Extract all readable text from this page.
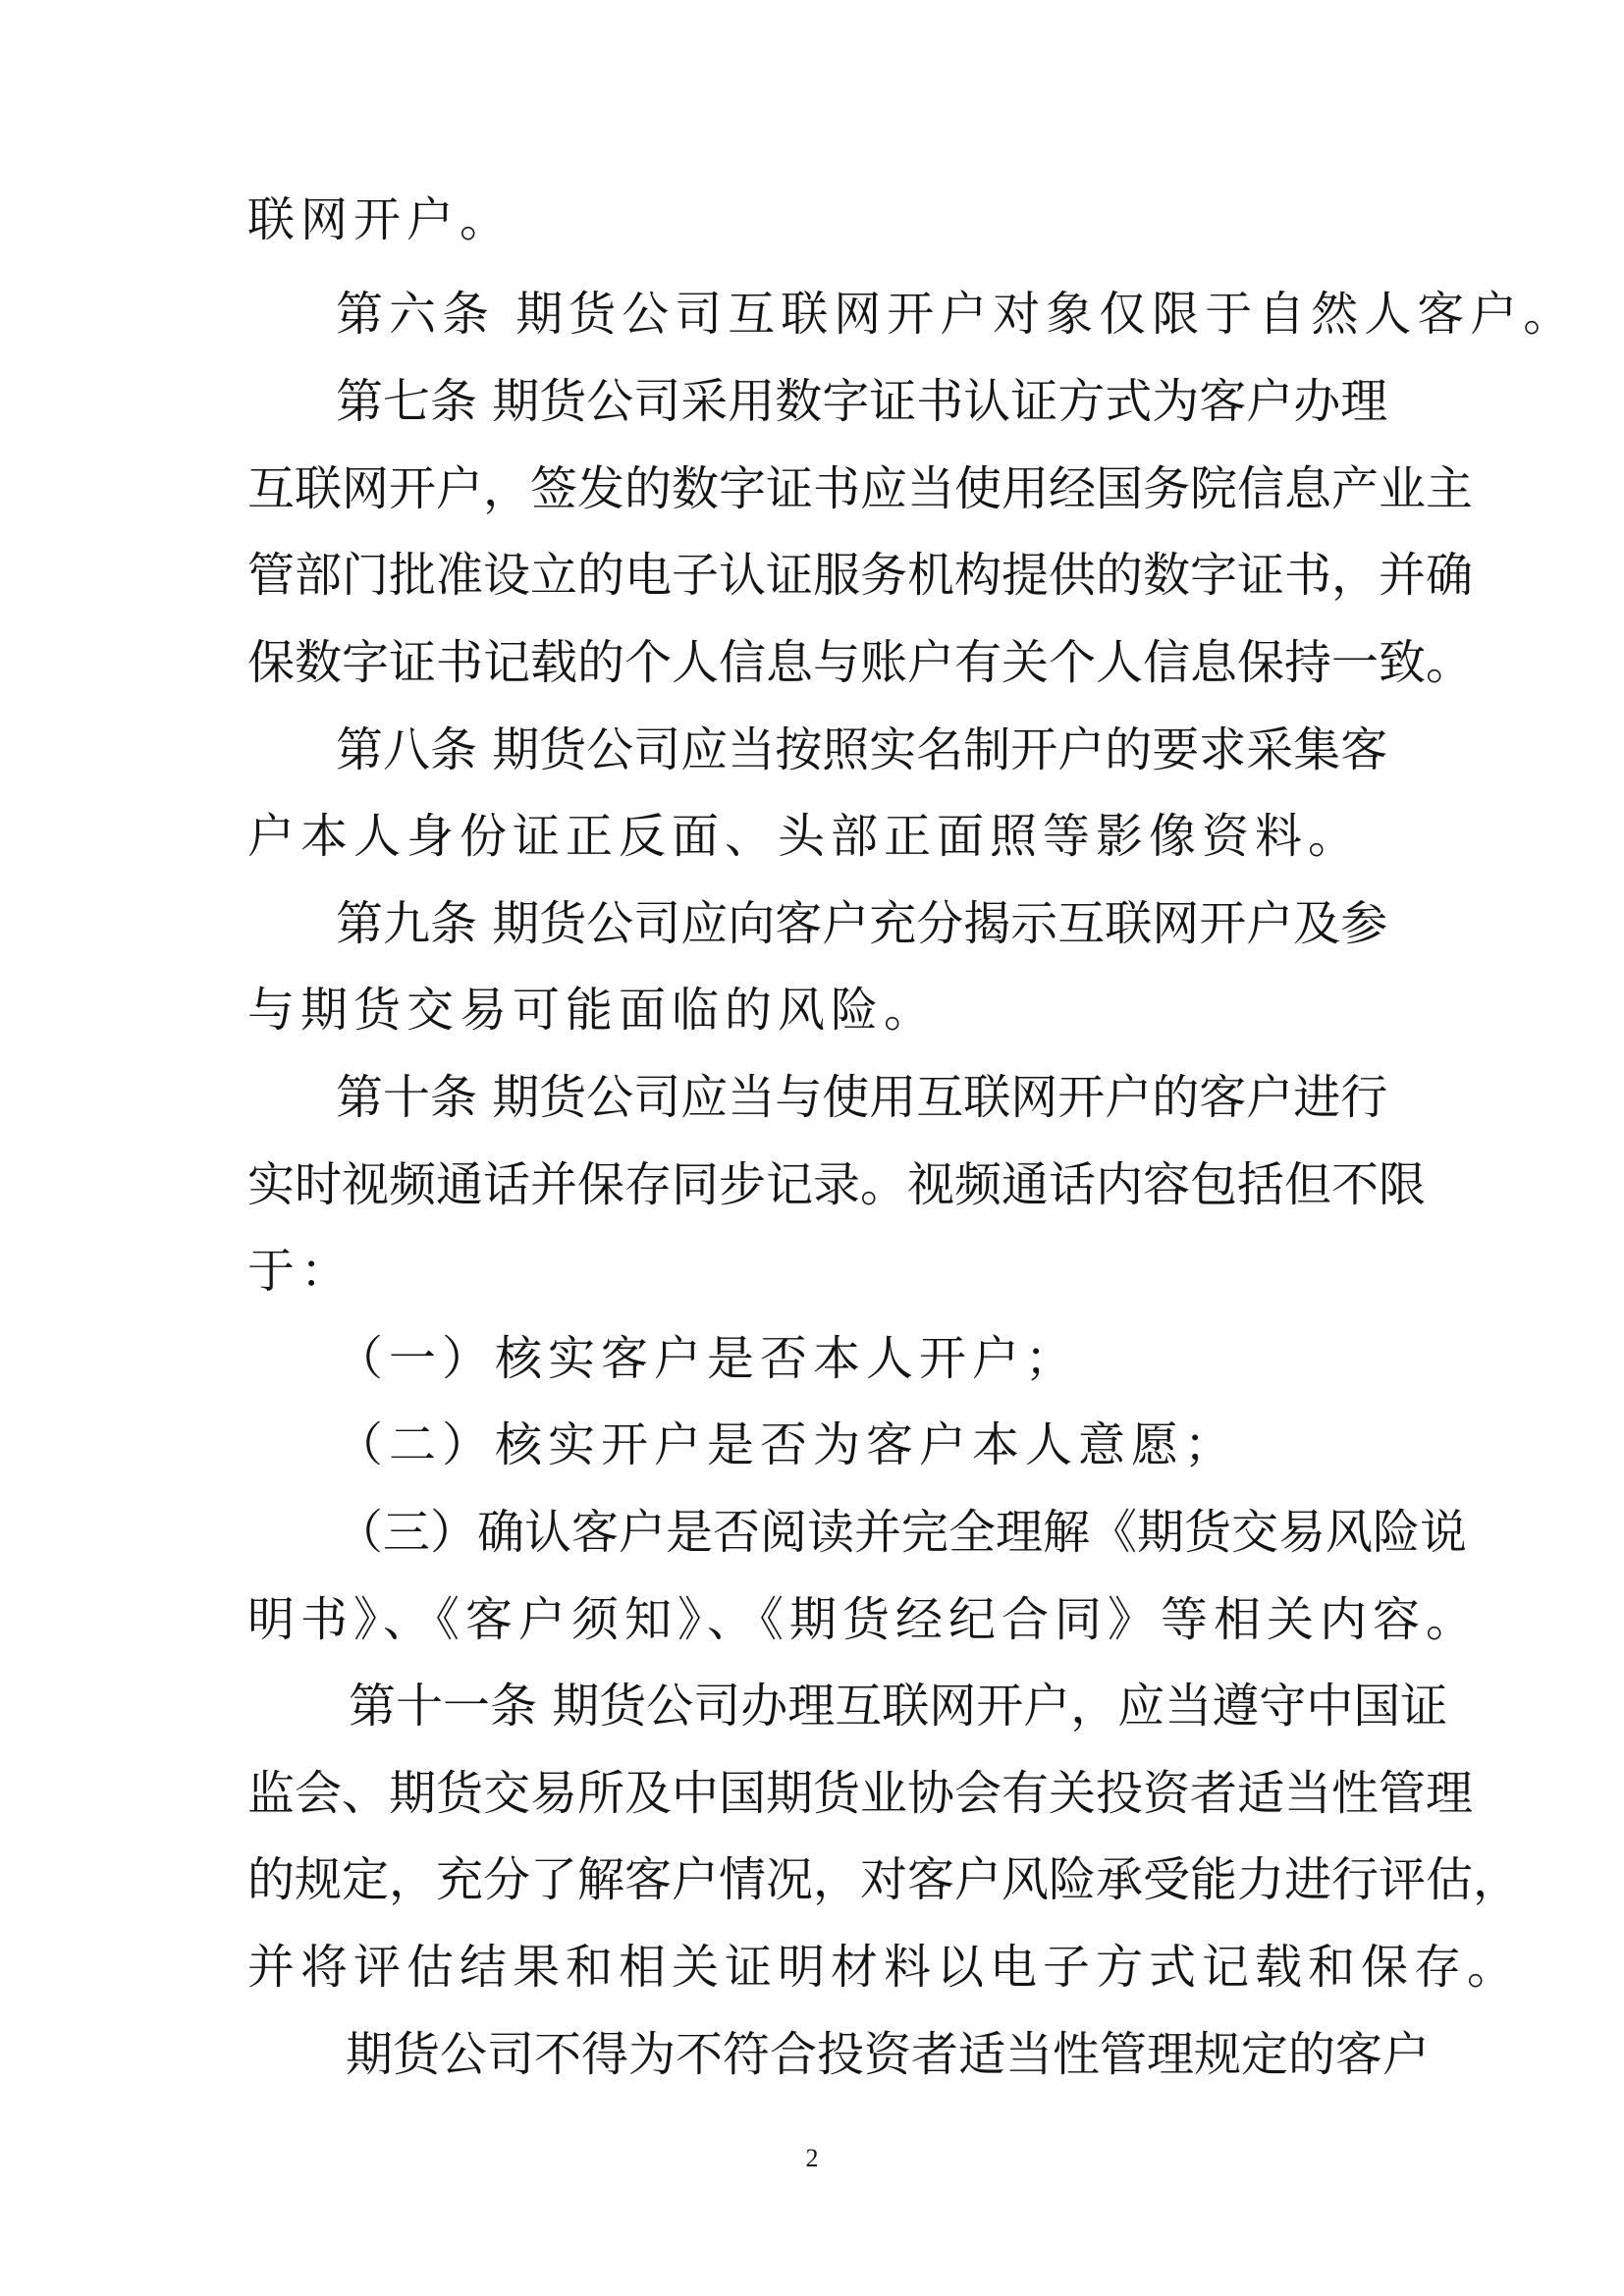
联网开户。
第六条 期货公司互联网开户对象仅限于自然人客户。
第七条 期货公司采用数字证书认证方式为客户办理
互联网开户，签发的数字证书应当使用经国务院信息产业主
管部门批准设立的电子认证服务机构提供的数字证书，并确
保数字证书记载的个人信息与账户有关个人信息保持一致。
第八条 期货公司应当按照实名制开户的要求采集客
户本人身份证正反面、头部正面照等影像资料。
第九条 期货公司应向客户充分揭示互联网开户及参
与期货交易可能面临的风险。
第十条 期货公司应当与使用互联网开户的客户进行
实时视频通话并保存同步记录。视频通话内容包括但不限
于：
（一）核实客户是否本人开户；
（二）核实开户是否为客户本人意愿；
（三）确认客户是否阅读并完全理解《期货交易风险说
明书》、《客户须知》、《期货经纪合同》等相关内容。
第十一条 期货公司办理互联网开户，应当遵守中国证
监会、期货交易所及中国期货业协会有关投资者适当性管理
的规定，充分了解客户情况，对客户风险承受能力进行评估，
并将评估结果和相关证明材料以电子方式记载和保存。
期货公司不得为不符合投资者适当性管理规定的客户
2
